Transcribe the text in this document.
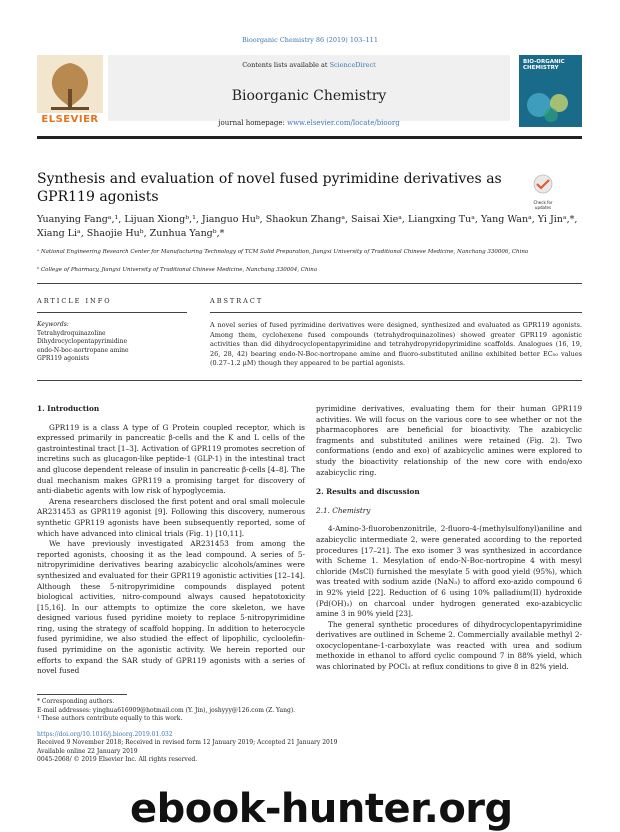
Bioorganic Chemistry 86 (2019) 103–111
Contents lists available at ScienceDirect
Bioorganic Chemistry
journal homepage: www.elsevier.com/locate/bioorg
ELSEVIER
BIO-ORGANIC CHEMISTRY
Synthesis and evaluation of novel fused pyrimidine derivatives as GPR119 agonists	Check for updates
Yuanying Fangᵃ,¹, Lijuan Xiongᵇ,¹, Jianguo Huᵇ, Shaokun Zhangᵃ, Saisai Xieᵃ, Liangxing Tuᵃ, Yang Wanᵃ, Yi Jinᵃ,*, Xiang Liᵃ, Shaojie Huᵇ, Zunhua Yangᵇ,*
ᵃ National Engineering Research Center for Manufacturing Technology of TCM Solid Preparation, Jiangxi University of Traditional Chinese Medicine, Nanchang 330006, China
ᵇ College of Pharmacy, Jiangxi University of Traditional Chinese Medicine, Nanchang 330004, China
ARTICLE INFO	ABSTRACT
Keywords:
Tetrahydroquinazoline
Dihydrocyclopentapyrimidine
endo-N-boc-nortropane amine
GPR119 agonists
A novel series of fused pyrimidine derivatives were designed, synthesized and evaluated as GPR119 agonists. Among them, cyclohexene fused compounds (tetrahydroquinazolines) showed greater GPR119 agonistic activities than did dihydrocyclopentapyrimidine and tetrahydropyridopyrimidine scaffolds. Analogues (16, 19, 26, 28, 42) bearing endo-N-Boc-nortropane amine and fluoro-substituted aniline exhibited better EC₅₀ values (0.27–1.2 μM) though they appeared to be partial agonists.

1. Introduction

GPR119 is a class A type of G Protein coupled receptor, which is expressed primarily in pancreatic β-cells and the K and L cells of the gastrointestinal tract [1–3]. Activation of GPR119 promotes secretion of incretins such as glucagon-like peptide-1 (GLP-1) in the intestinal tract and glucose dependent release of insulin in pancreatic β-cells [4–8]. The dual mechanism makes GPR119 a promising target for discovery of anti-diabetic agents with low risk of hypoglycemia.

Arena researchers disclosed the first potent and oral small molecule AR231453 as GPR119 agonist [9]. Following this discovery, numerous synthetic GPR119 agonists have been subsequently reported, some of which have advanced into clinical trials (Fig. 1) [10,11].

We have previously investigated AR231453 from among the reported agonists, choosing it as the lead compound. A series of 5-nitropyrimidine derivatives bearing azabicyclic alcohols/amines were synthesized and evaluated for their GPR119 agonistic activities [12–14]. Although these 5-nitropyrimidine compounds displayed potent biological activities, nitro-compound always caused hepatotoxicity [15,16]. In our attempts to optimize the core skeleton, we have designed various fused pyridine moiety to replace 5-nitropyrimidine ring, using the strategy of scaffold hopping. In addition to heterocycle fused pyrimidine, we also studied the effect of lipophilic, cycloolefin-fused pyrimidine on the agonistic activity. We herein reported our efforts to expand the SAR study of GPR119 agonists with a series of novel fused

pyrimidine derivatives, evaluating them for their human GPR119 activities. We will focus on the various core to see whether or not the pharmacophores are beneficial for bioactivity. The azabicyclic fragments and substituted anilines were retained (Fig. 2). Two conformations (endo and exo) of azabicyclic amines were explored to study the bioactivity relationship of the new core with endo/exo azabicyclic ring.

2. Results and discussion

2.1. Chemistry

4-Amino-3-fluorobenzonitrile, 2-fluoro-4-(methylsulfonyl)aniline and azabicyclic intermediate 2, were generated according to the reported procedures [17–21]. The exo isomer 3 was synthesized in accordance with Scheme 1. Mesylation of endo-N-Boc-nortropine 4 with mesyl chloride (MsCl) furnished the mesylate 5 with good yield (95%), which was treated with sodium azide (NaN₃) to afford exo-azido compound 6 in 92% yield [22]. Reduction of 6 using 10% palladium(II) hydroxide (Pd(OH)₂) on charcoal under hydrogen generated exo-azabicyclic amine 3 in 90% yield [23].

The general synthetic procedures of dihydrocyclopentapyrimidine derivatives are outlined in Scheme 2. Commercially available methyl 2-oxocyclopentane-1-carboxylate was reacted with urea and sodium methoxide in ethanol to afford cyclic compound 7 in 88% yield, which was chlorinated by POCl₃ at reflux conditions to give 8 in 82% yield.

* Corresponding authors.
E-mail addresses: yinghua616909@hotmail.com (Y. Jin), joshyyy@126.com (Z. Yang).
¹ These authors contribute equally to this work.
https://doi.org/10.1016/j.bioorg.2019.01.032
Received 9 November 2018; Received in revised form 12 January 2019; Accepted 21 January 2019
Available online 22 January 2019
0045-2068/ © 2019 Elsevier Inc. All rights reserved.
ebook-hunter.org
